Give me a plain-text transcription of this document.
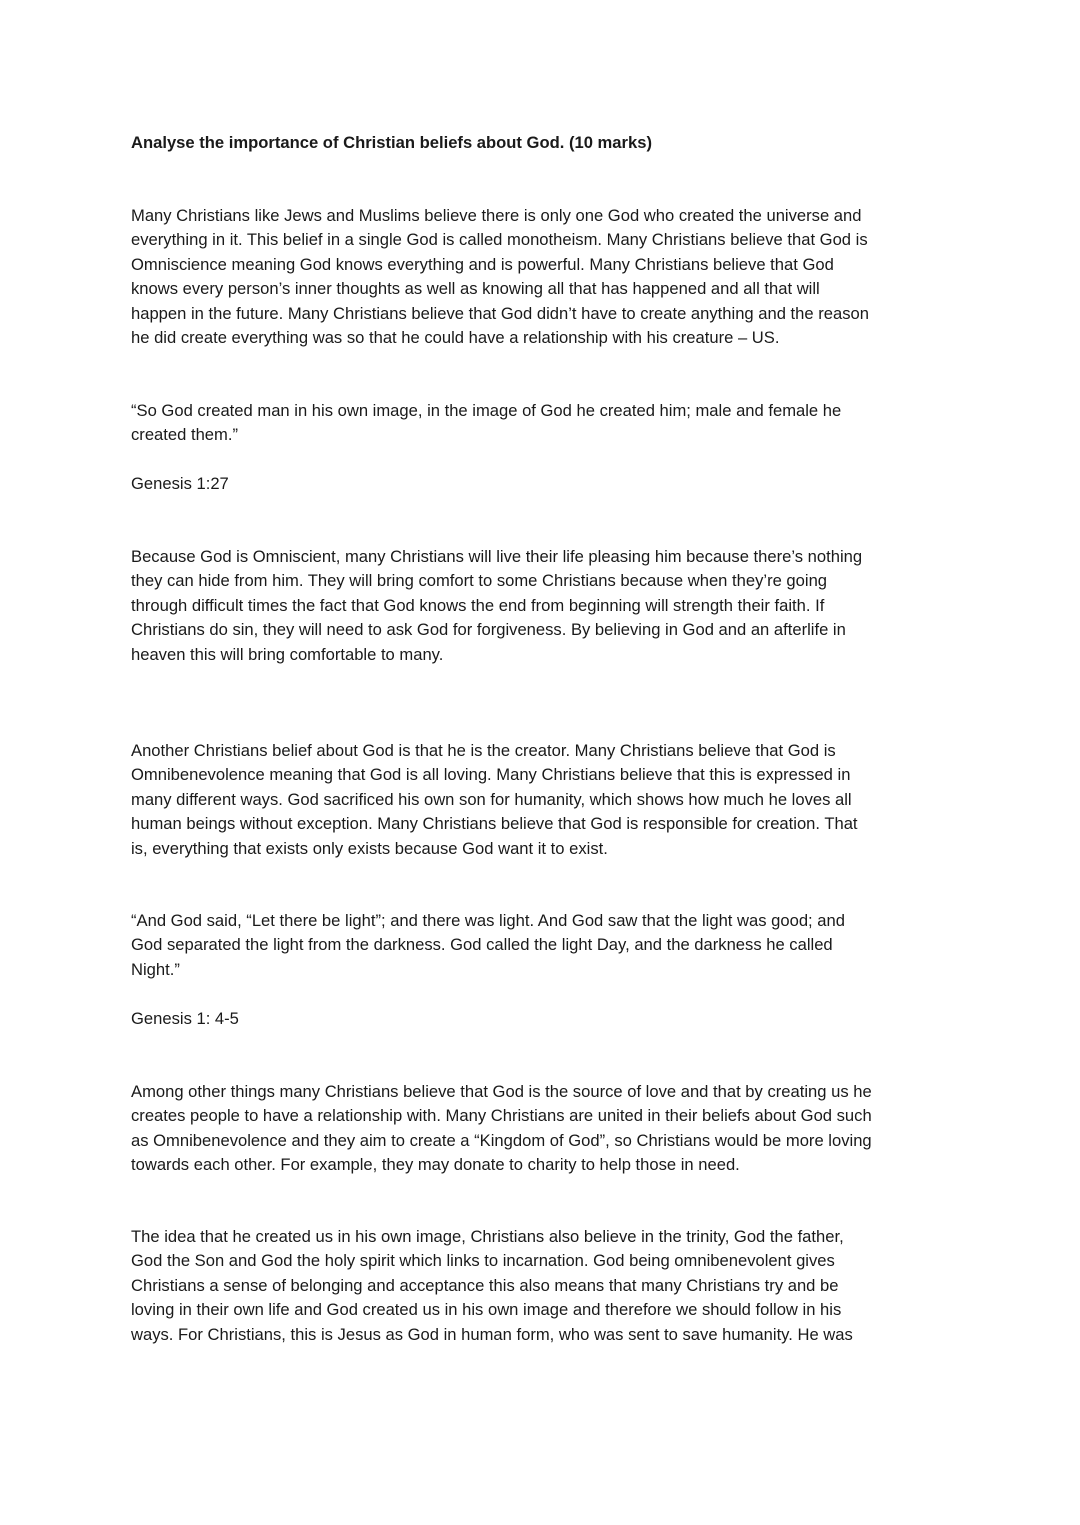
Analyse the importance of Christian beliefs about God. (10 marks)
Many Christians like Jews and Muslims believe there is only one God who created the universe and
everything in it. This belief in a single God is called monotheism. Many Christians believe that God is
Omniscience meaning God knows everything and is powerful. Many Christians believe that God
knows every person’s inner thoughts as well as knowing all that has happened and all that will
happen in the future. Many Christians believe that God didn’t have to create anything and the reason
he did create everything was so that he could have a relationship with his creature – US.
“So God created man in his own image, in the image of God he created him; male and female he
created them.”
Genesis 1:27
Because God is Omniscient, many Christians will live their life pleasing him because there’s nothing
they can hide from him. They will bring comfort to some Christians because when they’re going
through difficult times the fact that God knows the end from beginning will strength their faith. If
Christians do sin, they will need to ask God for forgiveness. By believing in God and an afterlife in
heaven this will bring comfortable to many.
Another Christians belief about God is that he is the creator. Many Christians believe that God is
Omnibenevolence meaning that God is all loving. Many Christians believe that this is expressed in
many different ways. God sacrificed his own son for humanity, which shows how much he loves all
human beings without exception. Many Christians believe that God is responsible for creation. That
is, everything that exists only exists because God want it to exist.
“And God said, “Let there be light”; and there was light. And God saw that the light was good; and
God separated the light from the darkness. God called the light Day, and the darkness he called
Night.”
Genesis 1: 4-5
Among other things many Christians believe that God is the source of love and that by creating us he
creates people to have a relationship with. Many Christians are united in their beliefs about God such
as Omnibenevolence and they aim to create a “Kingdom of God”, so Christians would be more loving
towards each other. For example, they may donate to charity to help those in need.
The idea that he created us in his own image, Christians also believe in the trinity, God the father,
God the Son and God the holy spirit which links to incarnation. God being omnibenevolent gives
Christians a sense of belonging and acceptance this also means that many Christians try and be
loving in their own life and God created us in his own image and therefore we should follow in his
ways. For Christians, this is Jesus as God in human form, who was sent to save humanity. He was
